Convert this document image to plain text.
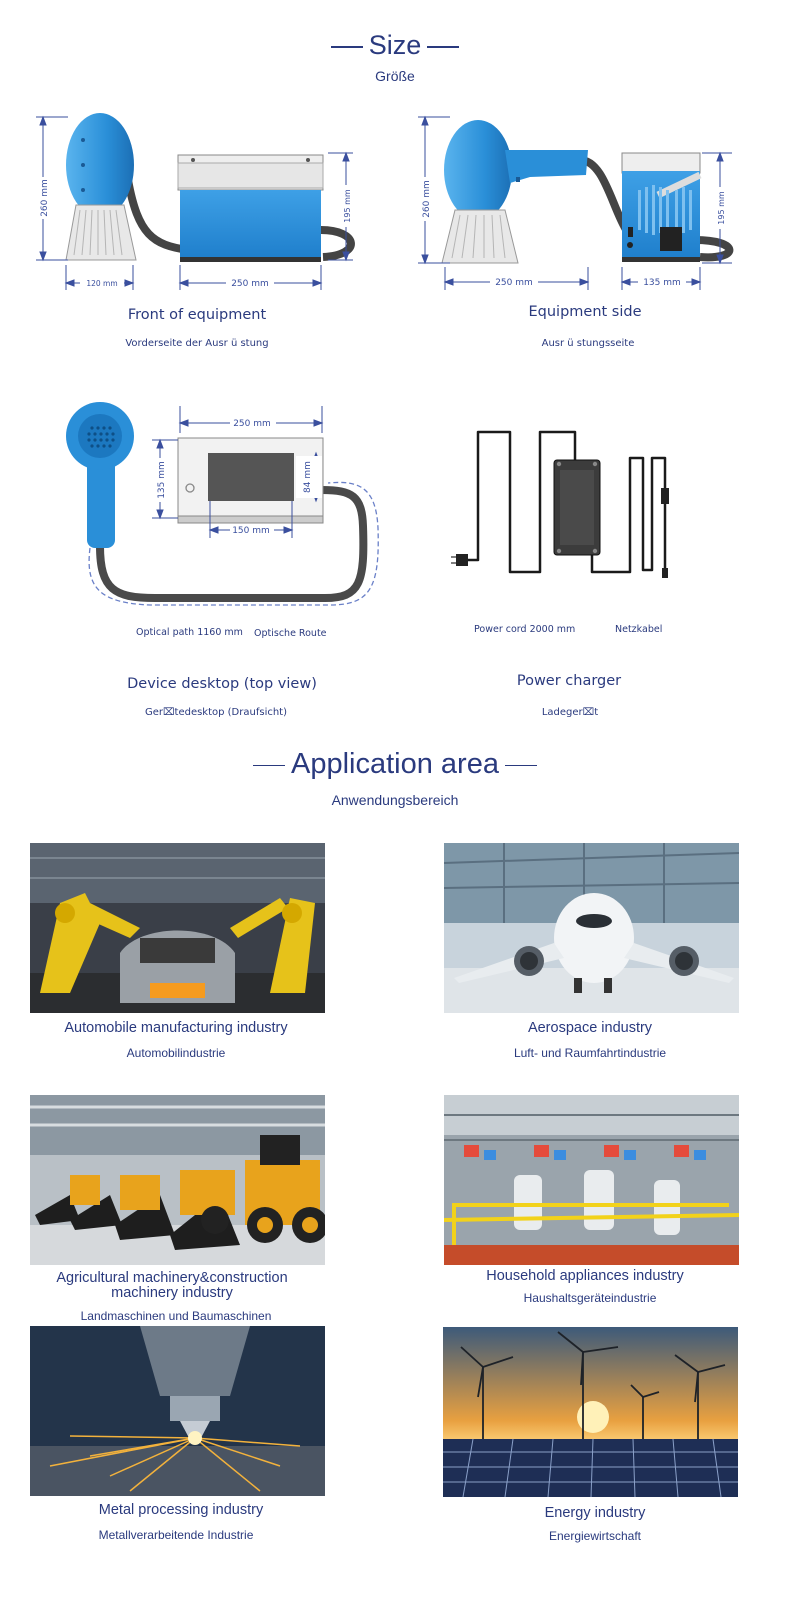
Size
Größe
260 mm
120 mm	250 mm
195 mm
Front of equipment
Vorderseite der Ausr ü stung
260 mm
250 mm	135 mm
195 mm
Equipment side
Ausr ü stungsseite
250 mm
135 mm
150 mm
84 mm
Optical path 1160 mm Optische Route
Device desktop (top view)
Ger⌧tedesktop (Draufsicht)
Power cord 2000 mm	Netzkabel
Power charger
Ladeger⌧t
Application area
Anwendungsbereich
Automobile manufacturing industry
Automobilindustrie
Aerospace industry
Luft- und Raumfahrtindustrie
Agricultural machinery&construction
machinery industry
Landmaschinen und Baumaschinen
Household appliances industry
Haushaltsgeräteindustrie
Metal processing industry
Metallverarbeitende Industrie
Energy industry
Energiewirtschaft
